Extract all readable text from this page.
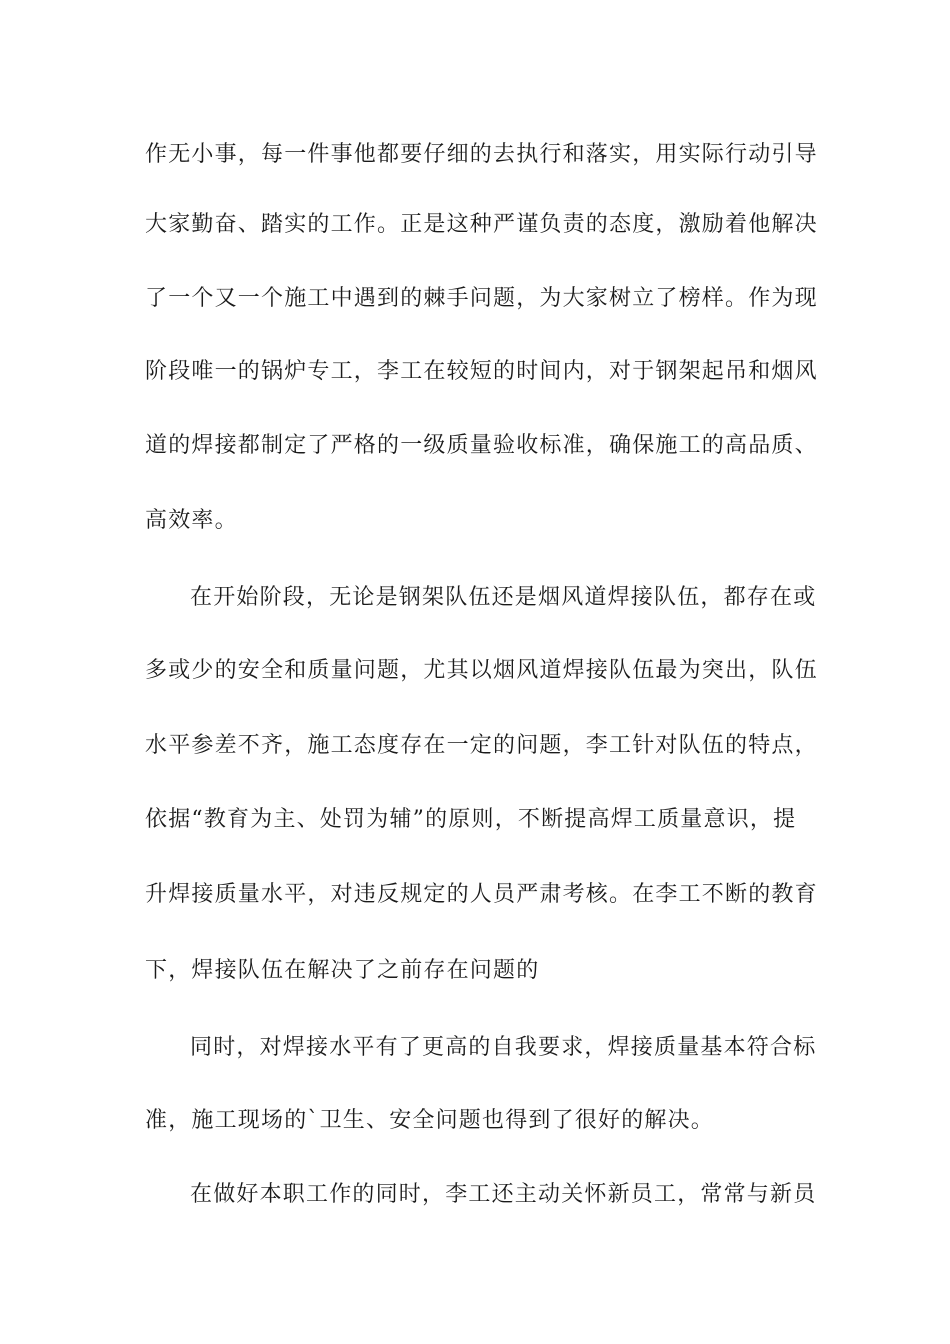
作无小事，每一件事他都要仔细的去执行和落实，用实际行动引导
大家勤奋、踏实的工作。正是这种严谨负责的态度，激励着他解决
了一个又一个施工中遇到的棘手问题，为大家树立了榜样。作为现
阶段唯一的锅炉专工，李工在较短的时间内，对于钢架起吊和烟风
道的焊接都制定了严格的一级质量验收标准，确保施工的高品质、
高效率。
在开始阶段，无论是钢架队伍还是烟风道焊接队伍，都存在或
多或少的安全和质量问题，尤其以烟风道焊接队伍最为突出，队伍
水平参差不齐，施工态度存在一定的问题，李工针对队伍的特点，
依据“教育为主、处罚为辅”的原则，不断提高焊工质量意识，提
升焊接质量水平，对违反规定的人员严肃考核。在李工不断的教育
下，焊接队伍在解决了之前存在问题的
同时，对焊接水平有了更高的自我要求，焊接质量基本符合标
准，施工现场的`卫生、安全问题也得到了很好的解决。
在做好本职工作的同时，李工还主动关怀新员工，常常与新员
